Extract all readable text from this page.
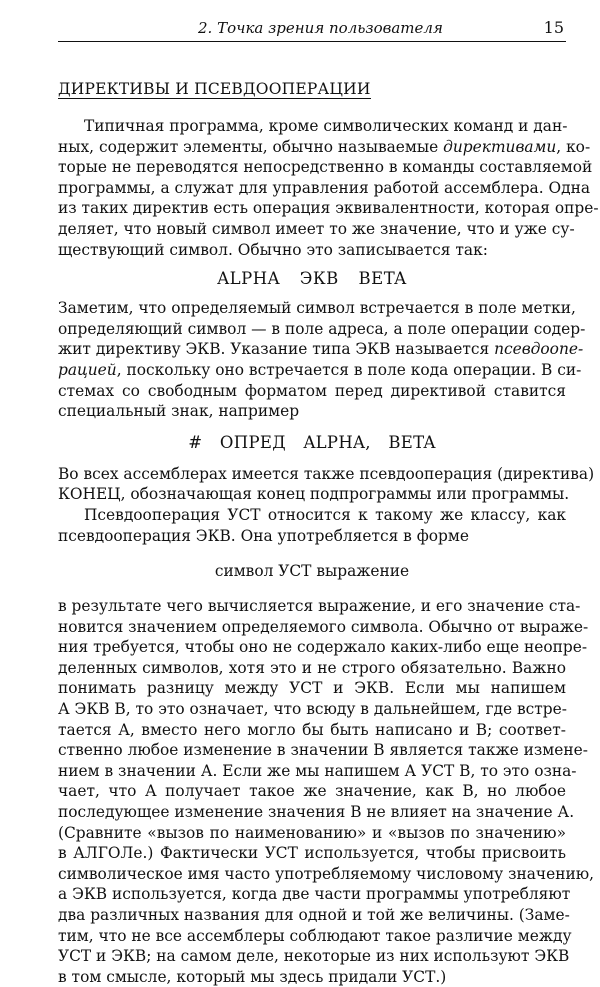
2. Точка зрения пользователя	15
ДИРЕКТИВЫ И ПСЕВДООПЕРАЦИИ

Типичная программа, кроме символических команд и дан-
ных, содержит элементы, обычно называемые директивами, ко-
торые не переводятся непосредственно в команды составляемой
программы, а служат для управления работой ассемблера. Одна
из таких директив есть операция эквивалентности, которая опре-
деляет, что новый символ имеет то же значение, что и уже су-
ществующий символ. Обычно это записывается так:

ALPHA ЭКВ BETA

Заметим, что определяемый символ встречается в поле метки,
определяющий символ — в поле адреса, а поле операции содер-
жит директиву ЭКВ. Указание типа ЭКВ называется псевдоопе-
рацией, поскольку оно встречается в поле кода операции. В си-
стемах со свободным форматом перед директивой ставится
специальный знак, например

# ОПРЕД ALPHA, BETA

Во всех ассемблерах имеется также псевдооперация (директива)
КОНЕЦ, обозначающая конец подпрограммы или программы.

Псевдооперация УСТ относится к такому же классу, как
псевдооперация ЭКВ. Она употребляется в форме

символ УСТ выражение

в результате чего вычисляется выражение, и его значение ста-
новится значением определяемого символа. Обычно от выраже-
ния требуется, чтобы оно не содержало каких-либо еще неопре-
деленных символов, хотя это и не строго обязательно. Важно
понимать разницу между УСТ и ЭКВ. Если мы напишем
А ЭКВ В, то это означает, что всюду в дальнейшем, где встре-
тается А, вместо него могло бы быть написано и В; соответ-
ственно любое изменение в значении В является также измене-
нием в значении А. Если же мы напишем А УСТ В, то это озна-
чает, что А получает такое же значение, как В, но любое
последующее изменение значения В не влияет на значение А.
(Сравните «вызов по наименованию» и «вызов по значению»
в АЛГОЛе.) Фактически УСТ используется, чтобы присвоить
символическое имя часто употребляемому числовому значению,
а ЭКВ используется, когда две части программы употребляют
два различных названия для одной и той же величины. (Заме-
тим, что не все ассемблеры соблюдают такое различие между
УСТ и ЭКВ; на самом деле, некоторые из них используют ЭКВ
в том смысле, который мы здесь придали УСТ.)
